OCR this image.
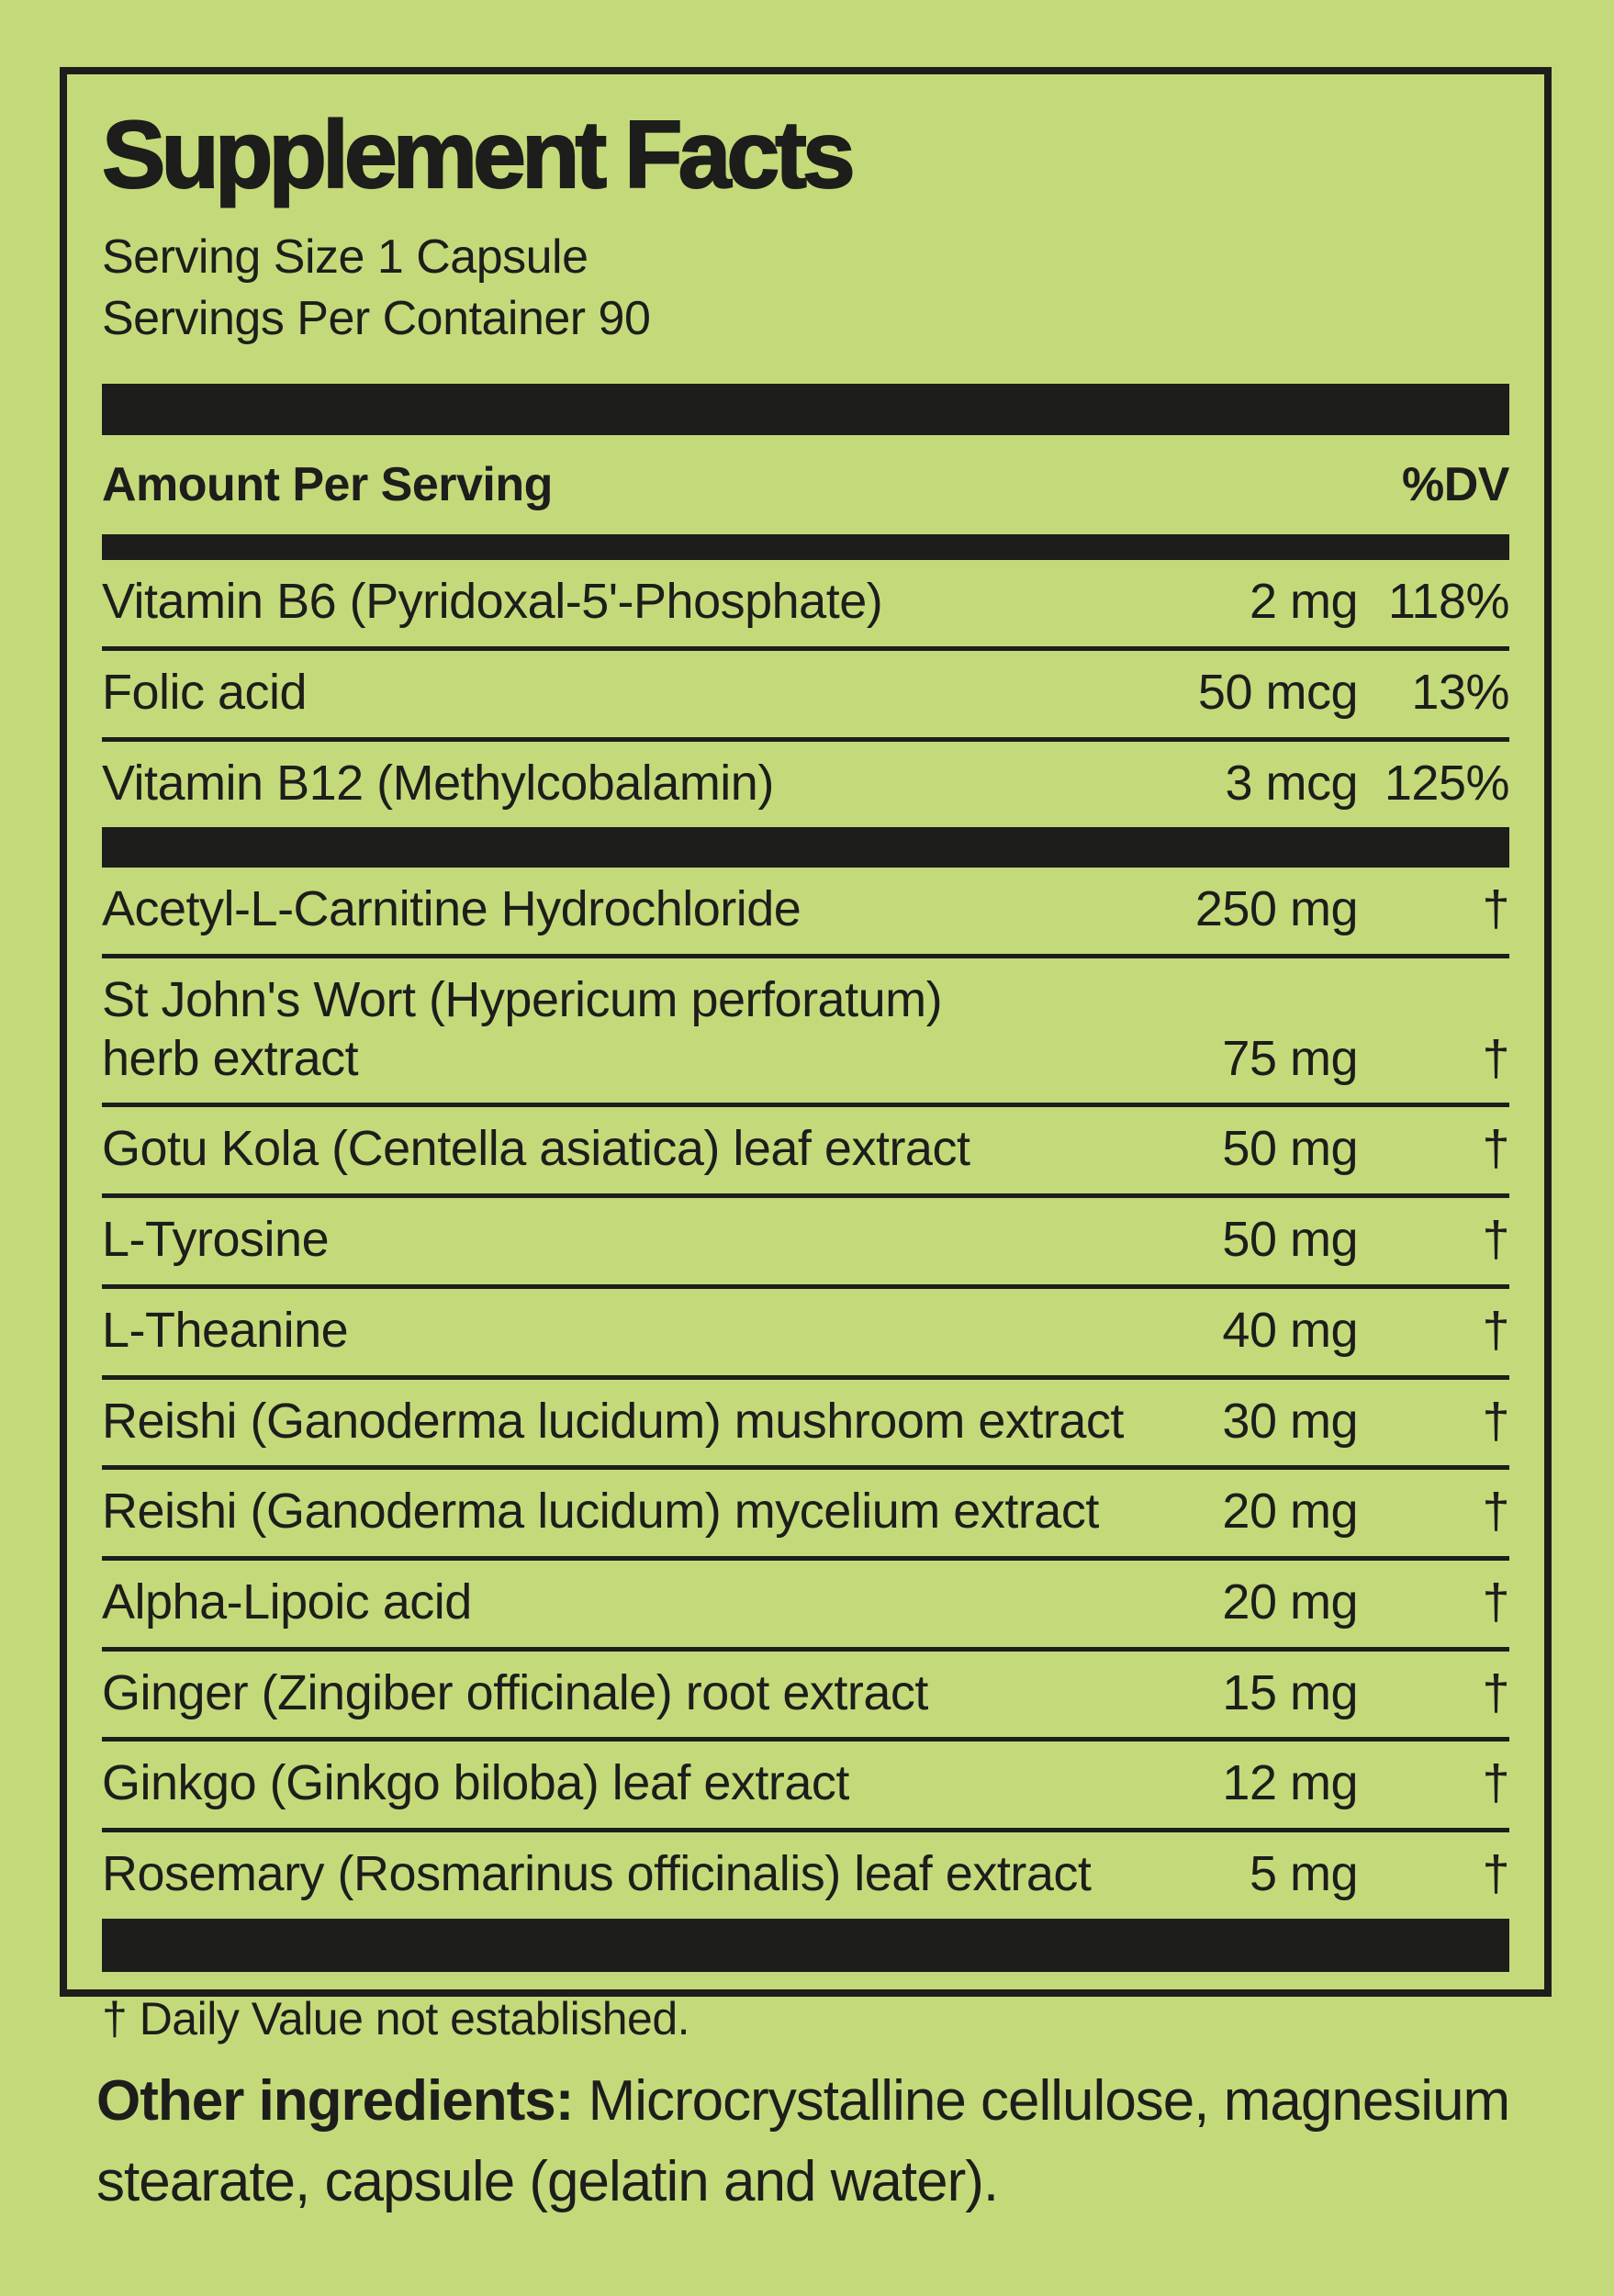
Supplement Facts
Serving Size 1 Capsule
Servings Per Container 90
Amount Per Serving	%DV
Vitamin B6 (Pyridoxal-5'-Phosphate)	2 mg 118%
Folic acid	50 mcg	13%
Vitamin B12 (Methylcobalamin)	3 mcg 125%
Acetyl-L-Carnitine Hydrochloride	250 mg	†
St John's Wort (Hypericum perforatum)
herb extract	75 mg	†
Gotu Kola (Centella asiatica) leaf extract	50 mg	†
L-Tyrosine	50 mg	†
L-Theanine	40 mg	†
Reishi (Ganoderma lucidum) mushroom extract	30 mg	†
Reishi (Ganoderma lucidum) mycelium extract	20 mg	†
Alpha-Lipoic acid	20 mg	†
Ginger (Zingiber officinale) root extract	15 mg	†
Ginkgo (Ginkgo biloba) leaf extract	12 mg	†
Rosemary (Rosmarinus officinalis) leaf extract	5 mg	†
† Daily Value not established.

Other ingredients: Microcrystalline cellulose, magnesium stearate, capsule (gelatin and water).
